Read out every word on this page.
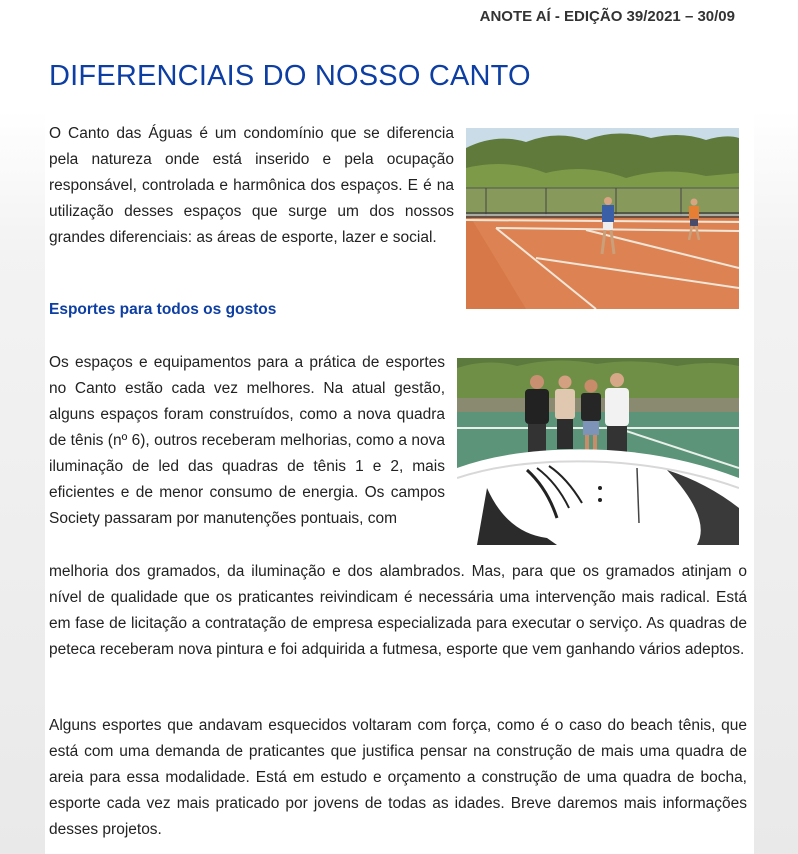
ANOTE AÍ - EDIÇÃO 39/2021 – 30/09
DIFERENCIAIS DO NOSSO CANTO

O Canto das Águas é um condomínio que se diferencia pela natureza onde está inserido e pela ocupação responsável, controlada e harmônica dos espaços. E é na utilização desses espaços que surge um dos nossos grandes diferenciais: as áreas de esporte, lazer e social.

Esportes para todos os gostos

Os espaços e equipamentos para a prática de esportes no Canto estão cada vez melhores. Na atual gestão, alguns espaços foram construídos, como a nova quadra de tênis (nº 6), outros receberam melhorias, como a nova iluminação de led das quadras de tênis 1 e 2, mais eficientes e de menor consumo de energia. Os campos Society passaram por manutenções pontuais, com

melhoria dos gramados, da iluminação e dos alambrados. Mas, para que os gramados atinjam o nível de qualidade que os praticantes reivindicam é necessária uma intervenção mais radical. Está em fase de licitação a contratação de empresa especializada para executar o serviço. As quadras de peteca receberam nova pintura e foi adquirida a futmesa, esporte que vem ganhando vários adeptos.

Alguns esportes que andavam esquecidos voltaram com força, como é o caso do beach tênis, que está com uma demanda de praticantes que justifica pensar na construção de mais uma quadra de areia para essa modalidade. Está em estudo e orçamento a construção de uma quadra de bocha, esporte cada vez mais praticado por jovens de todas as idades. Breve daremos mais informações desses projetos.
